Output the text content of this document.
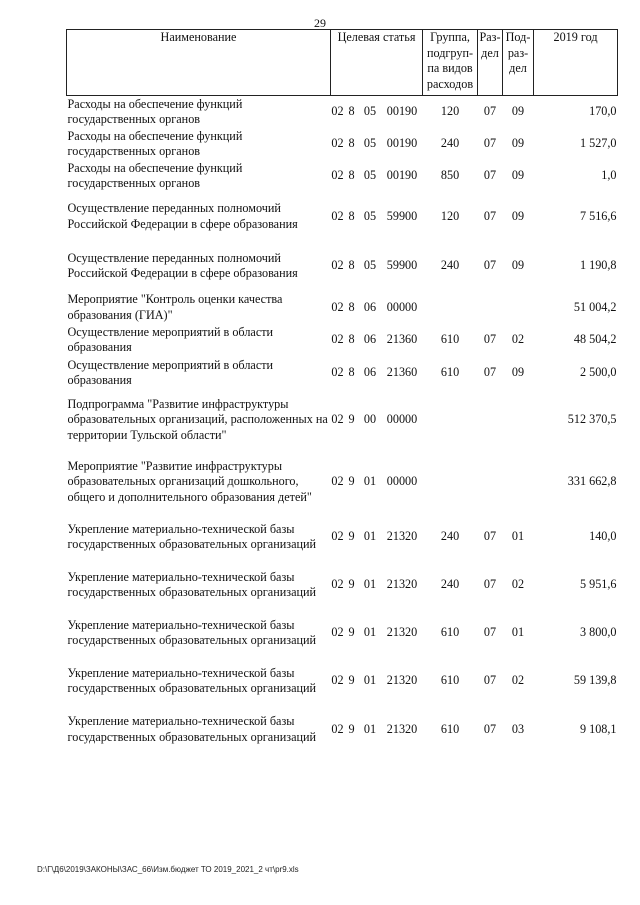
29
Наименование	Целевая статья				Группа,
подгруп-
па видов
расходов	Раз-
дел	Под-
раз-
дел	2019 год
Расходы на обеспечение функций государственных органов	02	8	05	00190	120	07	09	170,0
Расходы на обеспечение функций государственных органов	02	8	05	00190	240	07	09	1 527,0
Расходы на обеспечение функций государственных органов	02	8	05	00190	850	07	09	1,0
Осуществление переданных полномочий Российской Федерации в сфере образования	02	8	05	59900	120	07	09	7 516,6
Осуществление переданных полномочий Российской Федерации в сфере образования	02	8	05	59900	240	07	09	1 190,8
Мероприятие "Контроль оценки качества образования (ГИА)"	02	8	06	00000				51 004,2
Осуществление мероприятий в области образования	02	8	06	21360	610	07	02	48 504,2
Осуществление мероприятий в области образования	02	8	06	21360	610	07	09	2 500,0
Подпрограмма "Развитие инфраструктуры образовательных организаций, расположенных на территории Тульской области"	02	9	00	00000				512 370,5
Мероприятие "Развитие инфраструктуры образовательных организаций дошкольного, общего и дополнительного образования детей"	02	9	01	00000				331 662,8
Укрепление материально-технической базы государственных образовательных организаций	02	9	01	21320	240	07	01	140,0
Укрепление материально-технической базы государственных образовательных организаций	02	9	01	21320	240	07	02	5 951,6
Укрепление материально-технической базы государственных образовательных организаций	02	9	01	21320	610	07	01	3 800,0
Укрепление материально-технической базы государственных образовательных организаций	02	9	01	21320	610	07	02	59 139,8
Укрепление материально-технической базы государственных образовательных организаций	02	9	01	21320	610	07	03	9 108,1
D:\Г\Д6\2019\ЗАКОНЫ\ЗАС_66\Изм.бюджет ТО 2019_2021_2 чт\pr9.xls
